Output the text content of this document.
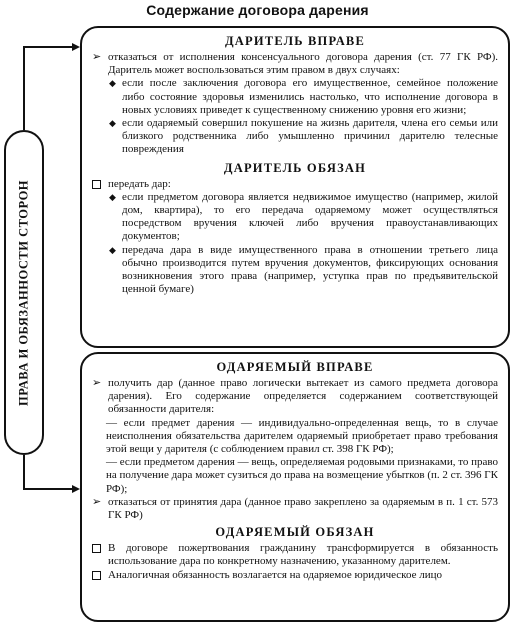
Содержание договора дарения
ПРАВА И ОБЯЗАННОСТИ СТОРОН
ДАРИТЕЛЬ ВПРАВЕ
➢ отказаться от исполнения консенсуального договора дарения (ст. 77 ГК РФ). Даритель может воспользоваться этим правом в двух случаях:
◆ если после заключения договора его имущественное, семейное положение либо состояние здоровья изменились настолько, что исполнение договора в новых условиях приведет к существенному снижению уровня его жизни;
◆ если одаряемый совершил покушение на жизнь дарителя, члена его семьи или близкого родственника либо умышленно причинил дарителю телесные повреждения
ДАРИТЕЛЬ ОБЯЗАН
передать дар:
◆ если предметом договора является недвижимое имущество (например, жилой дом, квартира), то его передача одаряемому может осуществляться посредством вручения ключей либо вручения правоустанавливающих документов;
◆ передача дара в виде имущественного права в отношении третьего лица обычно производится путем вручения документов, фиксирующих основания возникновения этого права (например, уступка прав по предъявительской ценной бумаге)
ОДАРЯЕМЫЙ ВПРАВЕ
➢ получить дар (данное право логически вытекает из самого предмета договора дарения). Его содержание определяется содержанием соответствующей обязанности дарителя:
— если предмет дарения — индивидуально-определенная вещь, то в случае неисполнения обязательства дарителем одаряемый приобретает право требования этой вещи у дарителя (с соблюдением правил ст. 398 ГК РФ);
— если предметом дарения — вещь, определяемая родовыми признаками, то право на получение дара может сузиться до права на возмещение убытков (п. 2 ст. 396 ГК РФ);
➢ отказаться от принятия дара (данное право закреплено за одаряемым в п. 1 ст. 573 ГК РФ)
ОДАРЯЕМЫЙ ОБЯЗАН
В договоре пожертвования гражданину трансформируется в обязанность использование дара по конкретному назначению, указанному дарителем.
Аналогичная обязанность возлагается на одаряемое юридическое лицо
